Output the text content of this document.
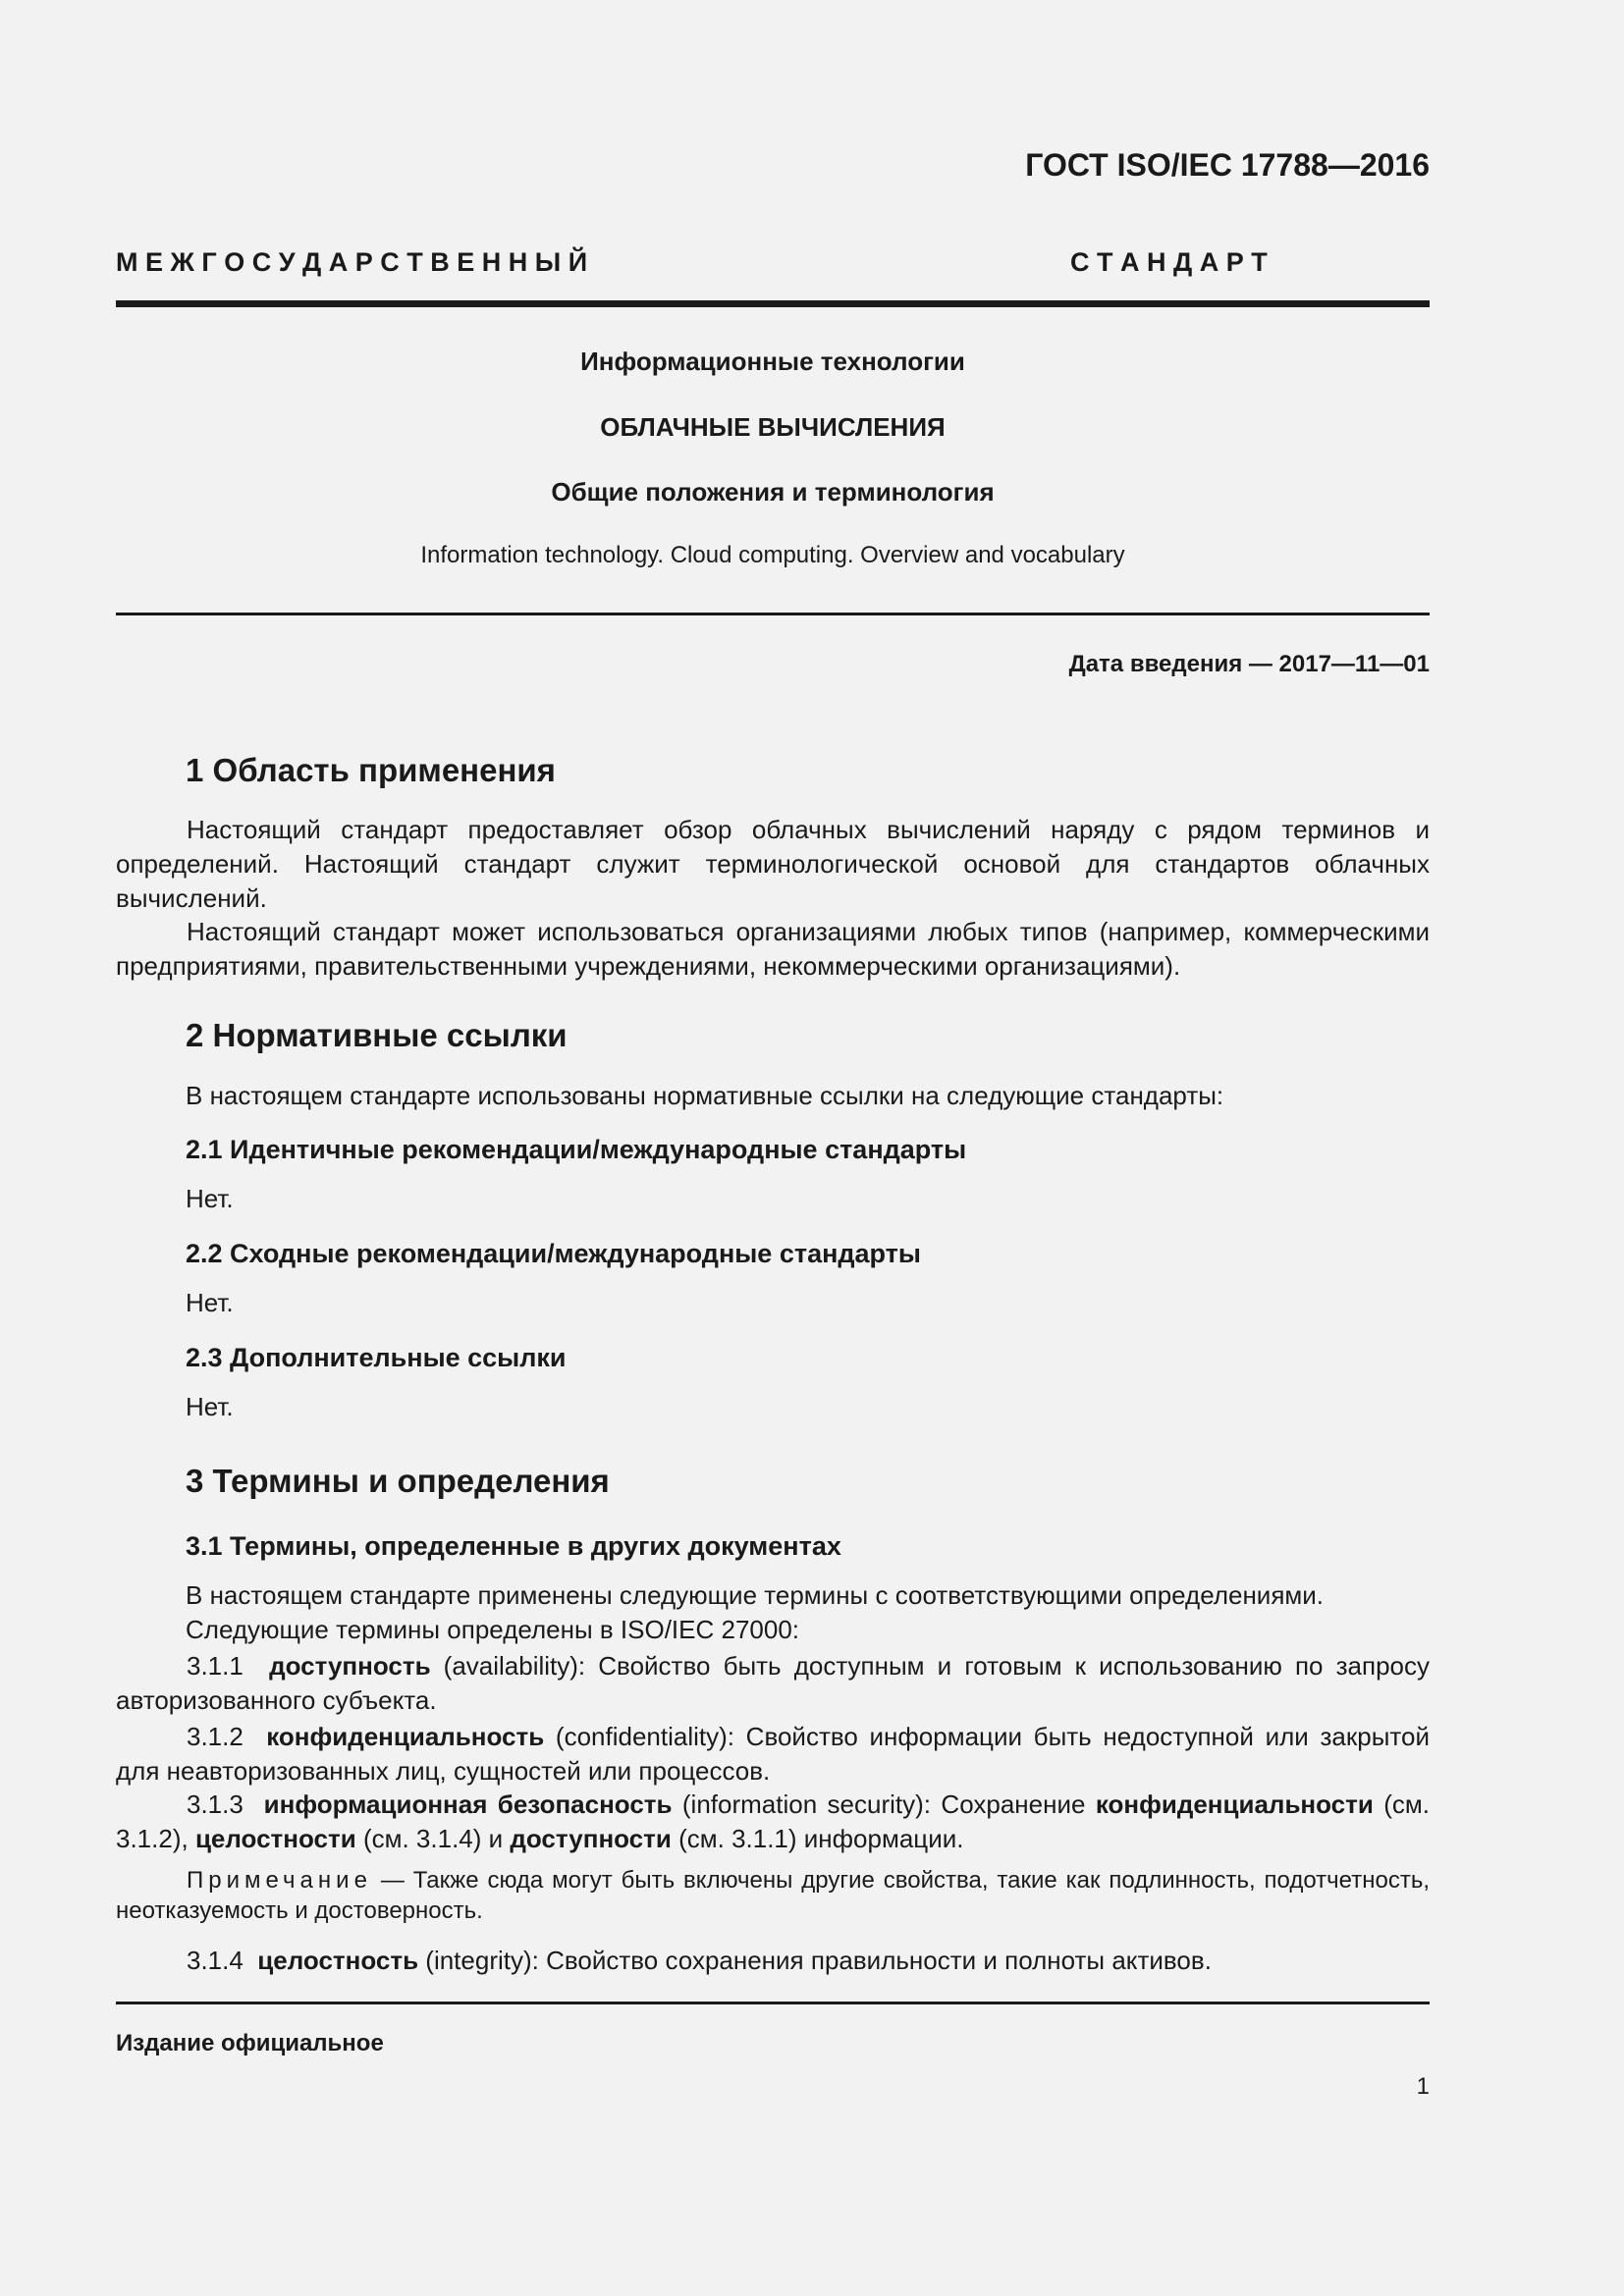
ГОСТ ISO/IEC 17788—2016
М Е Ж Г О С У Д А Р С Т В Е Н Н Ы Й	С Т А Н Д А Р Т
Информационные технологии
ОБЛАЧНЫЕ ВЫЧИСЛЕНИЯ
Общие положения и терминология
Information technology. Cloud computing. Overview and vocabulary
Дата введения — 2017—11—01
1 Область применения
Настоящий стандарт предоставляет обзор облачных вычислений наряду с рядом терминов и определений. Настоящий стандарт служит терминологической основой для стандартов облачных вычислений.
Настоящий стандарт может использоваться организациями любых типов (например, коммерческими предприятиями, правительственными учреждениями, некоммерческими организациями).
2 Нормативные ссылки
В настоящем стандарте использованы нормативные ссылки на следующие стандарты:
2.1 Идентичные рекомендации/международные стандарты
Нет.
2.2 Сходные рекомендации/международные стандарты
Нет.
2.3 Дополнительные ссылки
Нет.
3 Термины и определения
3.1 Термины, определенные в других документах
В настоящем стандарте применены следующие термины с соответствующими определениями.
Следующие термины определены в ISO/IEC 27000:
3.1.1 доступность (availability): Свойство быть доступным и готовым к использованию по запросу авторизованного субъекта.
3.1.2 конфиденциальность (confidentiality): Свойство информации быть недоступной или закрытой для неавторизованных лиц, сущностей или процессов.
3.1.3 информационная безопасность (information security): Сохранение конфиденциальности (см. 3.1.2), целостности (см. 3.1.4) и доступности (см. 3.1.1) информации.
Примечание — Также сюда могут быть включены другие свойства, такие как подлинность, подотчетность, неотказуемость и достоверность.
3.1.4 целостность (integrity): Свойство сохранения правильности и полноты активов.
Издание официальное
1
